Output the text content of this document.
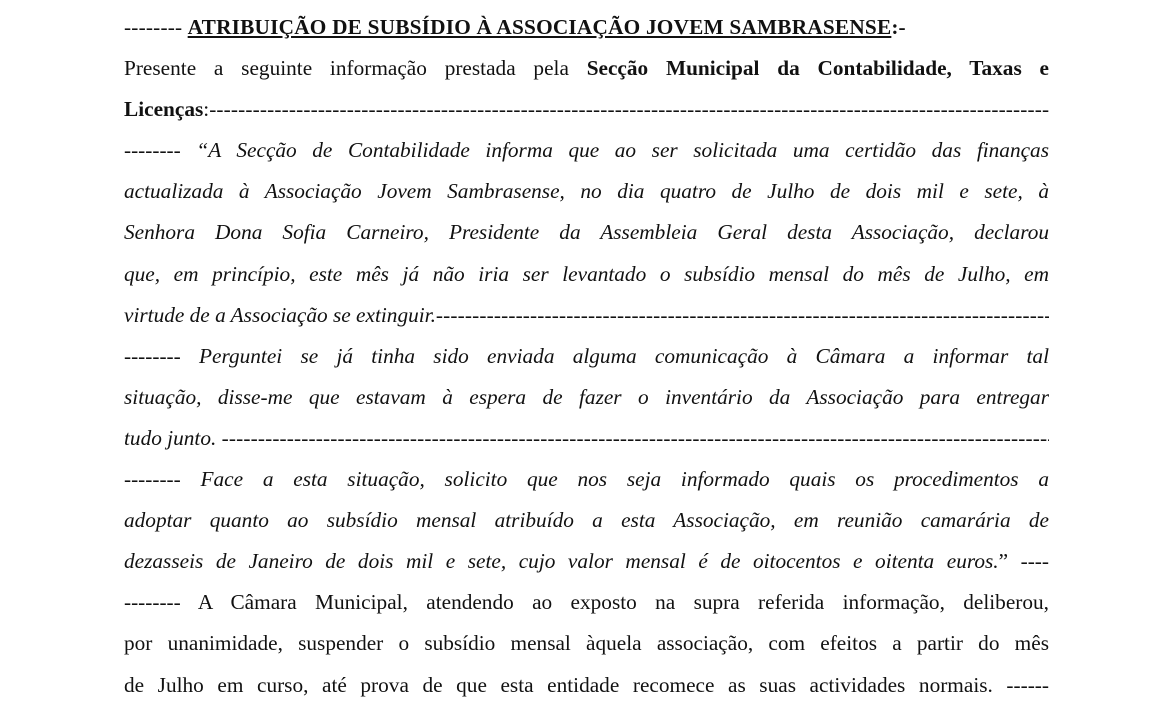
--------
ATRIBUIÇÃO DE SUBSÍDIO À ASSOCIAÇÃO JOVEM SAMBRASENSE :-
Presente a seguinte informação prestada pela Secção Municipal da Contabilidade, Taxas e
Licenças :
-----
-------- “A Secção de Contabilidade informa que ao ser solicitada uma certidão das finanças
actualizada à Associação Jovem Sambrasense, no dia quatro de Julho de dois mil e sete, à
Senhora Dona Sofia Carneiro, Presidente da Assembleia Geral desta Associação, declarou
que, em princípio, este mês já não iria ser levantado o subsídio mensal do mês de Julho, em
virtude de a Associação se extinguir.
-----
-------- Perguntei se já tinha sido enviada alguma comunicação à Câmara a informar tal
situação, disse-me que estavam à espera de fazer o inventário da Associação para entregar
tudo junto.

-----
-------- Face a esta situação, solicito que nos seja informado quais os procedimentos a
adoptar quanto ao subsídio mensal atribuído a esta Associação, em reunião camarária de
dezasseis de Janeiro de dois mil e sete, cujo valor mensal é de oitocentos e oitenta euros.” ----
-------- A Câmara Municipal, atendendo ao exposto na supra referida informação, deliberou,
por unanimidade, suspender o subsídio mensal àquela associação, com efeitos a partir do mês
de Julho em curso, até prova de que esta entidade recomece as suas actividades normais. ------
